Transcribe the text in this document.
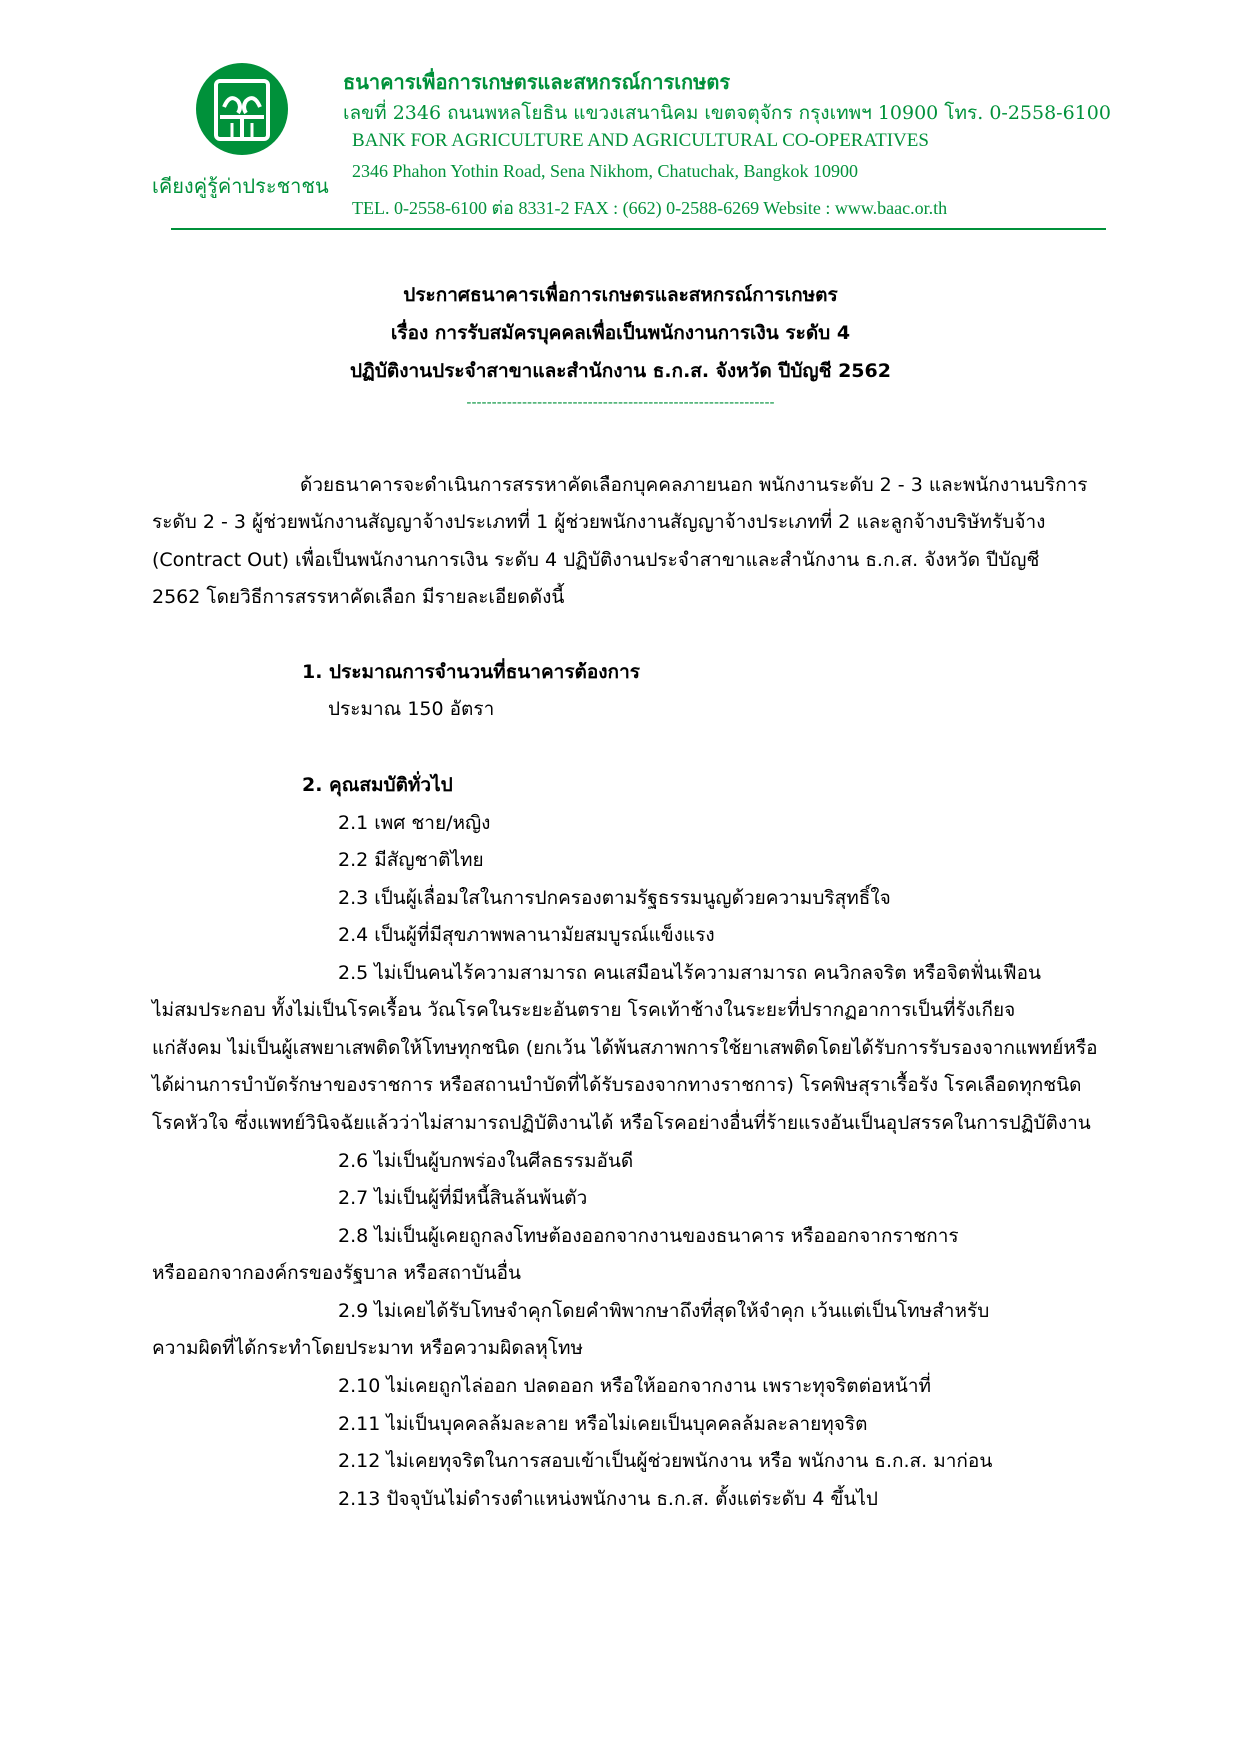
เคียงคู่รู้ค่าประชาชน
ธนาคารเพื่อการเกษตรและสหกรณ์การเกษตร
เลขที่ 2346 ถนนพหลโยธิน แขวงเสนานิคม เขตจตุจักร กรุงเทพฯ 10900 โทร. 0-2558-6100
BANK FOR AGRICULTURE AND AGRICULTURAL CO-OPERATIVES
2346 Phahon Yothin Road, Sena Nikhom, Chatuchak, Bangkok 10900
TEL. 0-2558-6100 ต่อ 8331-2 FAX : (662) 0-2588-6269 Website : www.baac.or.th
ประกาศธนาคารเพื่อการเกษตรและสหกรณ์การเกษตร
เรื่อง การรับสมัครบุคคลเพื่อเป็นพนักงานการเงิน ระดับ 4
ปฏิบัติงานประจำสาขาและสำนักงาน ธ.ก.ส. จังหวัด ปีบัญชี 2562
-------------------------------------------------------------
ด้วยธนาคารจะดำเนินการสรรหาคัดเลือกบุคคลภายนอก พนักงานระดับ 2 - 3 และพนักงานบริการ
ระดับ 2 - 3 ผู้ช่วยพนักงานสัญญาจ้างประเภทที่ 1 ผู้ช่วยพนักงานสัญญาจ้างประเภทที่ 2 และลูกจ้างบริษัทรับจ้าง
(Contract Out) เพื่อเป็นพนักงานการเงิน ระดับ 4 ปฏิบัติงานประจำสาขาและสำนักงาน ธ.ก.ส. จังหวัด ปีบัญชี
2562 โดยวิธีการสรรหาคัดเลือก มีรายละเอียดดังนี้
1. ประมาณการจำนวนที่ธนาคารต้องการ
ประมาณ 150 อัตรา
2. คุณสมบัติทั่วไป
2.1 เพศ ชาย/หญิง
2.2 มีสัญชาติไทย
2.3 เป็นผู้เลื่อมใสในการปกครองตามรัฐธรรมนูญด้วยความบริสุทธิ์ใจ
2.4 เป็นผู้ที่มีสุขภาพพลานามัยสมบูรณ์แข็งแรง
2.5 ไม่เป็นคนไร้ความสามารถ คนเสมือนไร้ความสามารถ คนวิกลจริต หรือจิตฟั่นเฟือน
ไม่สมประกอบ ทั้งไม่เป็นโรคเรื้อน วัณโรคในระยะอันตราย โรคเท้าช้างในระยะที่ปรากฏอาการเป็นที่รังเกียจ
แก่สังคม ไม่เป็นผู้เสพยาเสพติดให้โทษทุกชนิด (ยกเว้น ได้พ้นสภาพการใช้ยาเสพติดโดยได้รับการรับรองจากแพทย์หรือ
ได้ผ่านการบำบัดรักษาของราชการ หรือสถานบำบัดที่ได้รับรองจากทางราชการ) โรคพิษสุราเรื้อรัง โรคเลือดทุกชนิด
โรคหัวใจ ซึ่งแพทย์วินิจฉัยแล้วว่าไม่สามารถปฏิบัติงานได้ หรือโรคอย่างอื่นที่ร้ายแรงอันเป็นอุปสรรคในการปฏิบัติงาน
2.6 ไม่เป็นผู้บกพร่องในศีลธรรมอันดี
2.7 ไม่เป็นผู้ที่มีหนี้สินล้นพ้นตัว
2.8 ไม่เป็นผู้เคยถูกลงโทษต้องออกจากงานของธนาคาร หรือออกจากราชการ
หรือออกจากองค์กรของรัฐบาล หรือสถาบันอื่น
2.9 ไม่เคยได้รับโทษจำคุกโดยคำพิพากษาถึงที่สุดให้จำคุก เว้นแต่เป็นโทษสำหรับ
ความผิดที่ได้กระทำโดยประมาท หรือความผิดลหุโทษ
2.10 ไม่เคยถูกไล่ออก ปลดออก หรือให้ออกจากงาน เพราะทุจริตต่อหน้าที่
2.11 ไม่เป็นบุคคลล้มละลาย หรือไม่เคยเป็นบุคคลล้มละลายทุจริต
2.12 ไม่เคยทุจริตในการสอบเข้าเป็นผู้ช่วยพนักงาน หรือ พนักงาน ธ.ก.ส. มาก่อน
2.13 ปัจจุบันไม่ดำรงตำแหน่งพนักงาน ธ.ก.ส. ตั้งแต่ระดับ 4 ขึ้นไป
